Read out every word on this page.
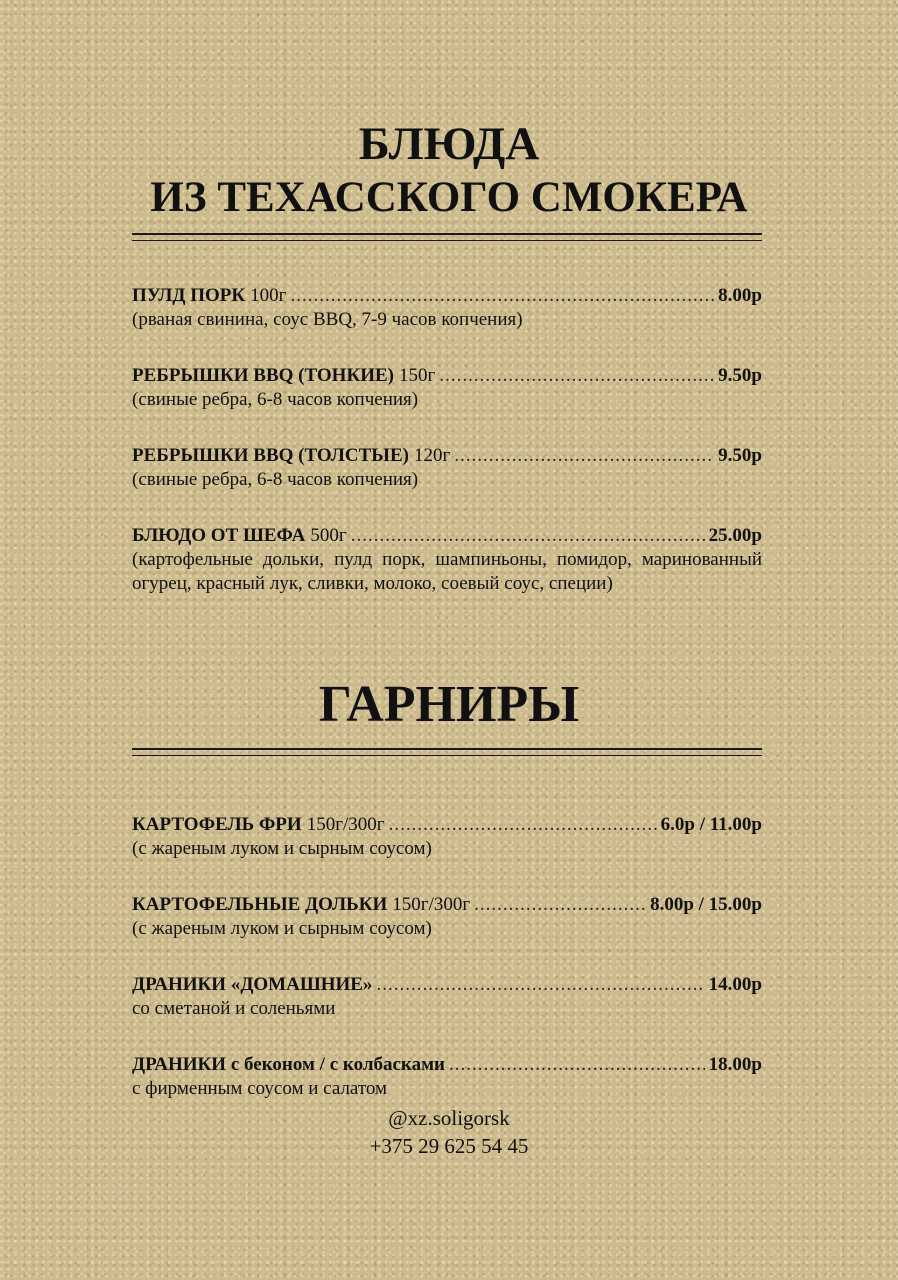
БЛЮДА
ИЗ ТЕХАССКОГО СМОКЕРА
ПУЛД ПОРК 100г .....	8.00р
(рваная свинина, соус BBQ, 7-9 часов копчения)
РЕБРЫШКИ BBQ (ТОНКИЕ) 150г .....	9.50р
(свиные ребра, 6-8 часов копчения)
РЕБРЫШКИ BBQ (ТОЛСТЫЕ) 120г .....	9.50р
(свиные ребра, 6-8 часов копчения)
БЛЮДО ОТ ШЕФА 500г .....	25.00р
(картофельные дольки, пулд порк, шампиньоны, помидор, маринованный огурец, красный лук, сливки, молоко, соевый соус, специи)
ГАРНИРЫ
КАРТОФЕЛЬ ФРИ 150г/300г .....	6.0р / 11.00р
(с жареным луком и сырным соусом)
КАРТОФЕЛЬНЫЕ ДОЛЬКИ 150г/300г .....	8.00р / 15.00р
(с жареным луком и сырным соусом)
ДРАНИКИ «ДОМАШНИЕ» .....	14.00р
со сметаной и соленьями
ДРАНИКИ с беконом / с колбасками .....	18.00р
с фирменным соусом и салатом
@xz.soligorsk
+375 29 625 54 45
